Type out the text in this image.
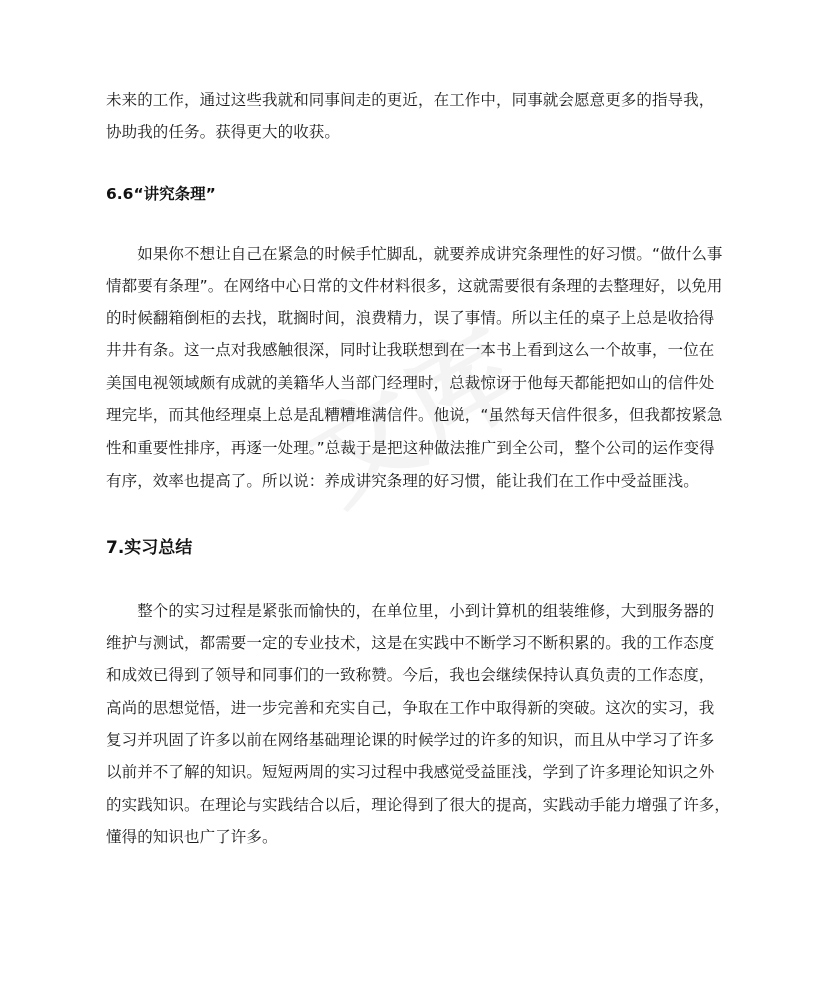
未来的工作，通过这些我就和同事间走的更近，在工作中，同事就会愿意更多的指导我，
协助我的任务。获得更大的收获。
6.6“讲究条理”
　　如果你不想让自己在紧急的时候手忙脚乱，就要养成讲究条理性的好习惯。“做什么事
情都要有条理”。在网络中心日常的文件材料很多，这就需要很有条理的去整理好，以免用
的时候翻箱倒柜的去找，耽搁时间，浪费精力，误了事情。所以主任的桌子上总是收拾得
井井有条。这一点对我感触很深，同时让我联想到在一本书上看到这么一个故事，一位在
美国电视领域颇有成就的美籍华人当部门经理时，总裁惊讶于他每天都能把如山的信件处
理完毕，而其他经理桌上总是乱糟糟堆满信件。他说，“虽然每天信件很多，但我都按紧急
性和重要性排序，再逐一处理。”总裁于是把这种做法推广到全公司，整个公司的运作变得
有序，效率也提高了。所以说：养成讲究条理的好习惯，能让我们在工作中受益匪浅。
7.实习总结
　　整个的实习过程是紧张而愉快的，在单位里，小到计算机的组装维修，大到服务器的
维护与测试，都需要一定的专业技术，这是在实践中不断学习不断积累的。我的工作态度
和成效已得到了领导和同事们的一致称赞。今后，我也会继续保持认真负责的工作态度，
高尚的思想觉悟，进一步完善和充实自己，争取在工作中取得新的突破。这次的实习，我
复习并巩固了许多以前在网络基础理论课的时候学过的许多的知识，而且从中学习了许多
以前并不了解的知识。短短两周的实习过程中我感觉受益匪浅，学到了许多理论知识之外
的实践知识。在理论与实践结合以后，理论得到了很大的提高，实践动手能力增强了许多，
懂得的知识也广了许多。
